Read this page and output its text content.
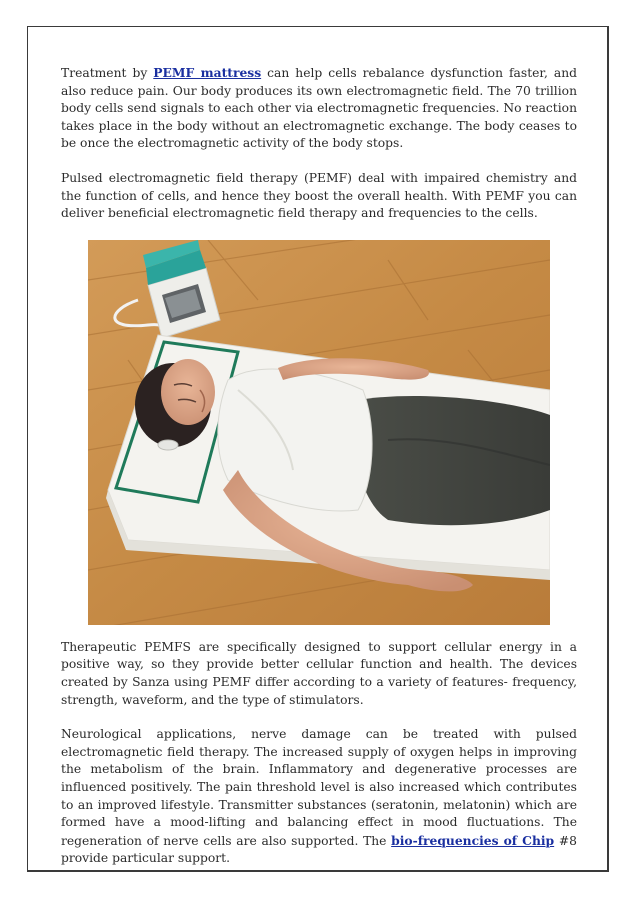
Treatment by PEMF mattress can help cells rebalance dysfunction faster, and also reduce pain. Our body produces its own electromagnetic field. The 70 trillion body cells send signals to each other via electromagnetic frequencies. No reaction takes place in the body without an electromagnetic exchange. The body ceases to be once the electromagnetic activity of the body stops.

Pulsed electromagnetic field therapy (PEMF) deal with impaired chemistry and the function of cells, and hence they boost the overall health. With PEMF you can deliver beneficial electromagnetic field therapy and frequencies to the cells.

Therapeutic PEMFS are specifically designed to support cellular energy in a positive way, so they provide better cellular function and health. The devices created by Sanza using PEMF differ according to a variety of features- frequency, strength, waveform, and the type of stimulators.

Neurological applications, nerve damage can be treated with pulsed electromagnetic field therapy. The increased supply of oxygen helps in improving the metabolism of the brain. Inflammatory and degenerative processes are influenced positively. The pain threshold level is also increased which contributes to an improved lifestyle. Transmitter substances (seratonin, melatonin) which are formed have a mood-lifting and balancing effect in mood fluctuations. The regeneration of nerve cells are also supported. The bio-frequencies of Chip #8 provide particular support.
